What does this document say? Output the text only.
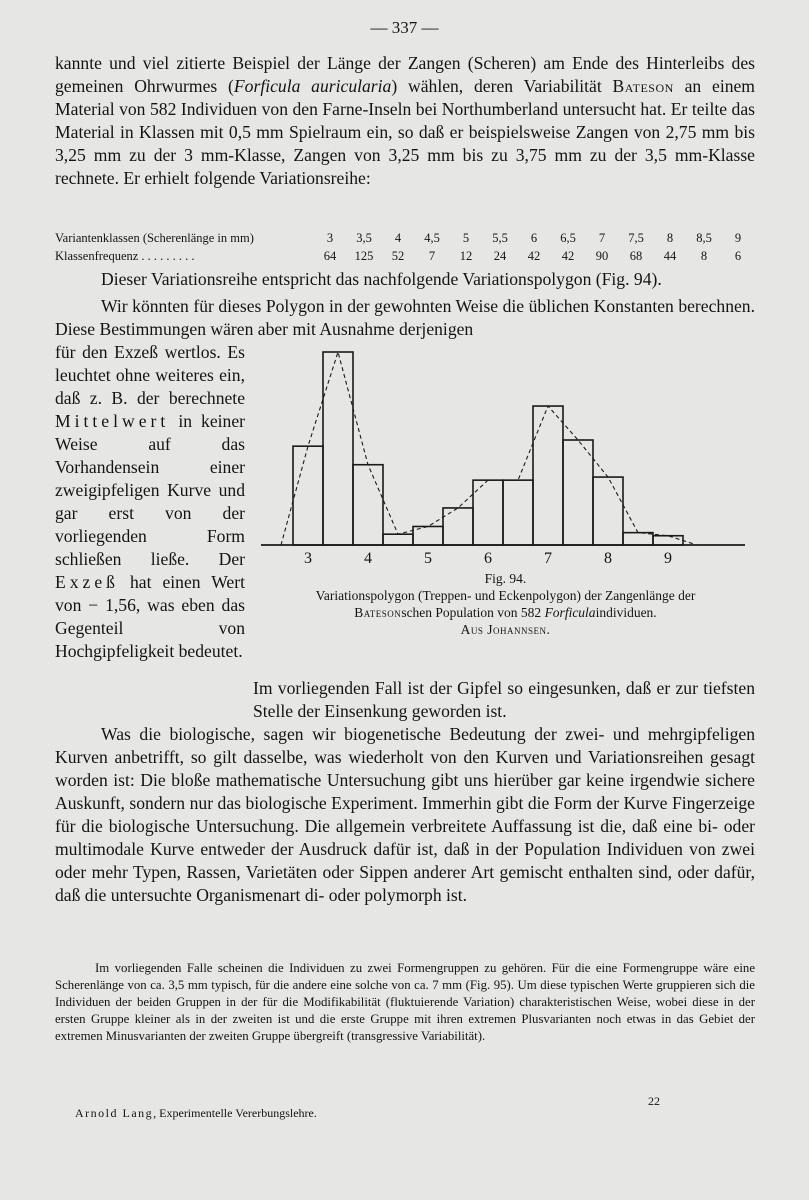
— 337 —
kannte und viel zitierte Beispiel der Länge der Zangen (Scheren) am Ende des Hinterleibs des gemeinen Ohrwurmes (Forficula auricularia) wählen, deren Variabilität Bateson an einem Material von 582 Individuen von den Farne-Inseln bei Northumberland untersucht hat. Er teilte das Material in Klassen mit 0,5 mm Spielraum ein, so daß er beispielsweise Zangen von 2,75 mm bis 3,25 mm zu der 3 mm-Klasse, Zangen von 3,25 mm bis zu 3,75 mm zu der 3,5 mm-Klasse rechnete. Er erhielt folgende Variationsreihe:
Variantenklassen (Scherenlänge in mm)	3	3,5	4	4,5	5	5,5	6	6,5	7	7,5	8	8,5	9
Klassenfrequenz . . . . . . . . .	64	125	52	7	12	24	42	42	90	68	44	8	6
Dieser Variationsreihe entspricht das nachfolgende Variationspolygon (Fig. 94).
Wir könnten für dieses Polygon in der gewohnten Weise die üblichen Konstanten berechnen. Diese Bestimmungen wären aber mit Ausnahme derjenigen
für den Exzeß wertlos. Es leuchtet ohne weiteres ein, daß z. B. der berechnete Mittelwert in keiner Weise auf das Vorhandensein einer zweigipfeligen Kurve und gar erst von der vorliegenden Form schließen ließe. Der Exzeß hat einen Wert von − 1,56, was eben das Gegenteil von Hochgipfeligkeit bedeutet.
3	4	5	6	7	8	9
Fig. 94.
Variationspolygon (Treppen- und Eckenpolygon) der Zangenlänge der
Batesonschen Population von 582 Forficulaindividuen.
Aus Johannsen.
Im vorliegenden Fall ist der Gipfel so eingesunken, daß er zur tiefsten Stelle der Einsenkung geworden ist.
Was die biologische, sagen wir biogenetische Bedeutung der zwei- und mehrgipfeligen Kurven anbetrifft, so gilt dasselbe, was wiederholt von den Kurven und Variationsreihen gesagt worden ist: Die bloße mathematische Untersuchung gibt uns hierüber gar keine irgendwie sichere Auskunft, sondern nur das biologische Experiment. Immerhin gibt die Form der Kurve Fingerzeige für die biologische Untersuchung. Die allgemein verbreitete Auffassung ist die, daß eine bi- oder multimodale Kurve entweder der Ausdruck dafür ist, daß in der Population Individuen von zwei oder mehr Typen, Rassen, Varietäten oder Sippen anderer Art gemischt enthalten sind, oder dafür, daß die untersuchte Organismenart di- oder polymorph ist.
Im vorliegenden Falle scheinen die Individuen zu zwei Formengruppen zu gehören. Für die eine Formengruppe wäre eine Scherenlänge von ca. 3,5 mm typisch, für die andere eine solche von ca. 7 mm (Fig. 95). Um diese typischen Werte gruppieren sich die Individuen der beiden Gruppen in der für die Modifikabilität (fluktuierende Variation) charakteristischen Weise, wobei diese in der ersten Gruppe kleiner als in der zweiten ist und die erste Gruppe mit ihren extremen Plusvarianten noch etwas in das Gebiet der extremen Minusvarianten der zweiten Gruppe übergreift (transgressive Variabilität).
22
Arnold Lang, Experimentelle Vererbungslehre.
